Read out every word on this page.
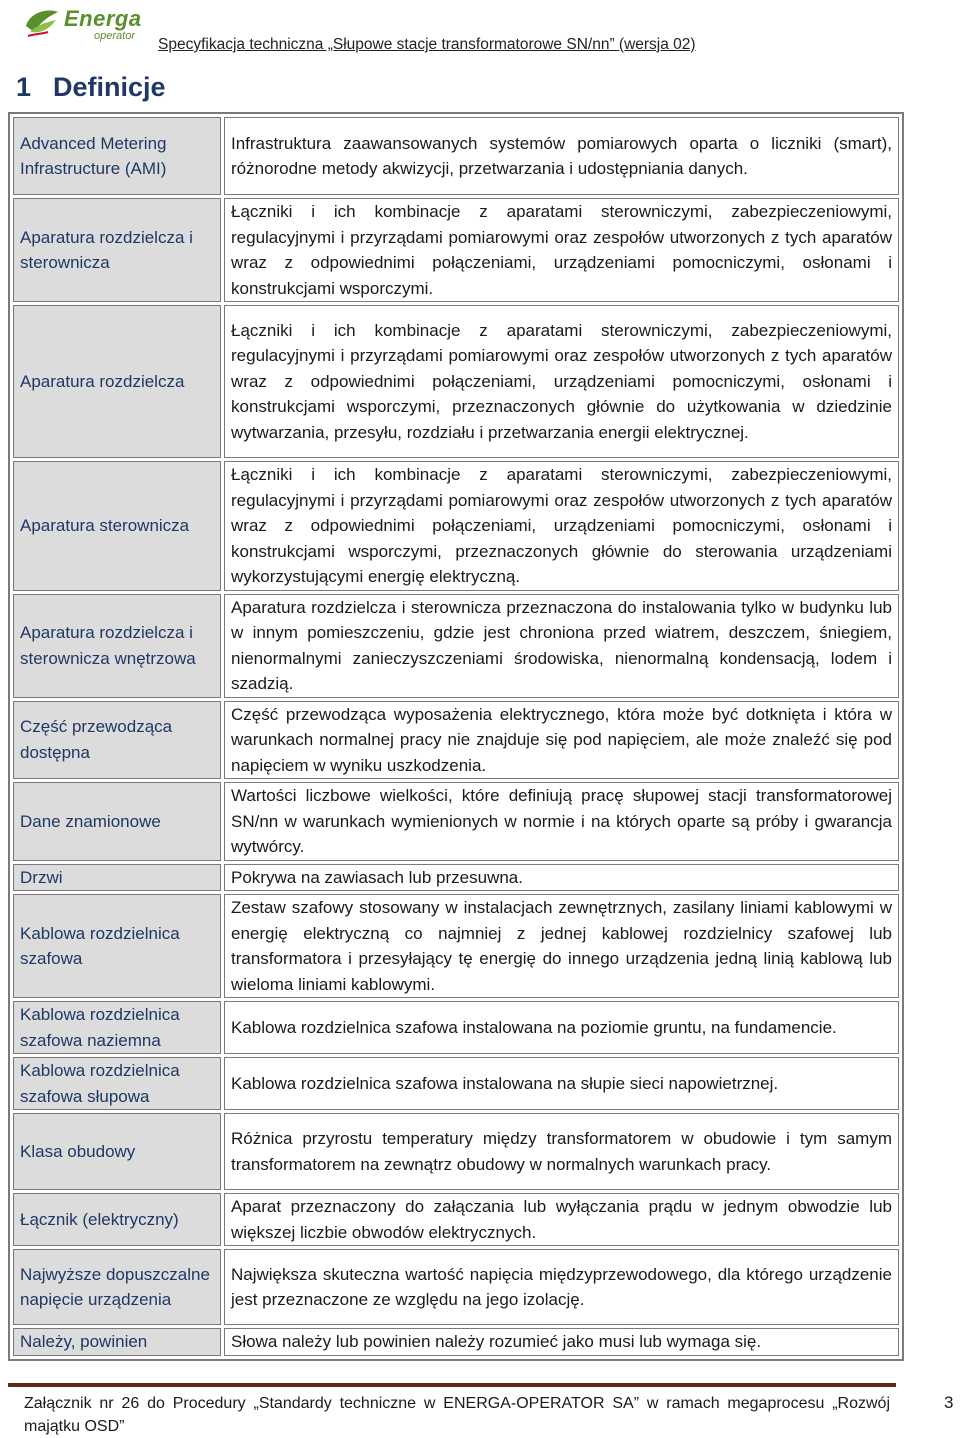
Energa
operator Specyfikacja techniczna „Słupowe stacje transformatorowe SN/nn” (wersja 02)
1 Definicje
Advanced Metering Infrastructure (AMI)	Infrastruktura zaawansowanych systemów pomiarowych oparta o liczniki (smart), różnorodne metody akwizycji, przetwarzania i udostępniania danych.
Aparatura rozdzielcza i sterownicza	Łączniki i ich kombinacje z aparatami sterowniczymi, zabezpieczeniowymi, regulacyjnymi i przyrządami pomiarowymi oraz zespołów utworzonych z tych aparatów wraz z odpowiednimi połączeniami, urządzeniami pomocniczymi, osłonami i konstrukcjami wsporczymi.
Aparatura rozdzielcza	Łączniki i ich kombinacje z aparatami sterowniczymi, zabezpieczeniowymi, regulacyjnymi i przyrządami pomiarowymi oraz zespołów utworzonych z tych aparatów wraz z odpowiednimi połączeniami, urządzeniami pomocniczymi, osłonami i konstrukcjami wsporczymi, przeznaczonych głównie do użytkowania w dziedzinie wytwarzania, przesyłu, rozdziału i przetwarzania energii elektrycznej.
Aparatura sterownicza	Łączniki i ich kombinacje z aparatami sterowniczymi, zabezpieczeniowymi, regulacyjnymi i przyrządami pomiarowymi oraz zespołów utworzonych z tych aparatów wraz z odpowiednimi połączeniami, urządzeniami pomocniczymi, osłonami i konstrukcjami wsporczymi, przeznaczonych głównie do sterowania urządzeniami wykorzystującymi energię elektryczną.
Aparatura rozdzielcza i sterownicza wnętrzowa	Aparatura rozdzielcza i sterownicza przeznaczona do instalowania tylko w budynku lub w innym pomieszczeniu, gdzie jest chroniona przed wiatrem, deszczem, śniegiem, nienormalnymi zanieczyszczeniami środowiska, nienormalną kondensacją, lodem i szadzią.
Część przewodząca dostępna	Część przewodząca wyposażenia elektrycznego, która może być dotknięta i która w warunkach normalnej pracy nie znajduje się pod napięciem, ale może znaleźć się pod napięciem w wyniku uszkodzenia.
Dane znamionowe	Wartości liczbowe wielkości, które definiują pracę słupowej stacji transformatorowej SN/nn w warunkach wymienionych w normie i na których oparte są próby i gwarancja wytwórcy.
Drzwi	Pokrywa na zawiasach lub przesuwna.
Kablowa rozdzielnica szafowa	Zestaw szafowy stosowany w instalacjach zewnętrznych, zasilany liniami kablowymi w energię elektryczną co najmniej z jednej kablowej rozdzielnicy szafowej lub transformatora i przesyłający tę energię do innego urządzenia jedną linią kablową lub wieloma liniami kablowymi.
Kablowa rozdzielnica szafowa naziemna	Kablowa rozdzielnica szafowa instalowana na poziomie gruntu, na fundamencie.
Kablowa rozdzielnica szafowa słupowa	Kablowa rozdzielnica szafowa instalowana na słupie sieci napowietrznej.
Klasa obudowy	Różnica przyrostu temperatury między transformatorem w obudowie i tym samym transformatorem na zewnątrz obudowy w normalnych warunkach pracy.
Łącznik (elektryczny)	Aparat przeznaczony do załączania lub wyłączania prądu w jednym obwodzie lub większej liczbie obwodów elektrycznych.
Najwyższe dopuszczalne napięcie urządzenia	Największa skuteczna wartość napięcia międzyprzewodowego, dla którego urządzenie jest przeznaczone ze względu na jego izolację.
Należy, powinien	Słowa należy lub powinien należy rozumieć jako musi lub wymaga się.
Załącznik nr 26 do Procedury „Standardy techniczne w ENERGA-OPERATOR SA” w ramach megaprocesu „Rozwój majątku OSD”
3
